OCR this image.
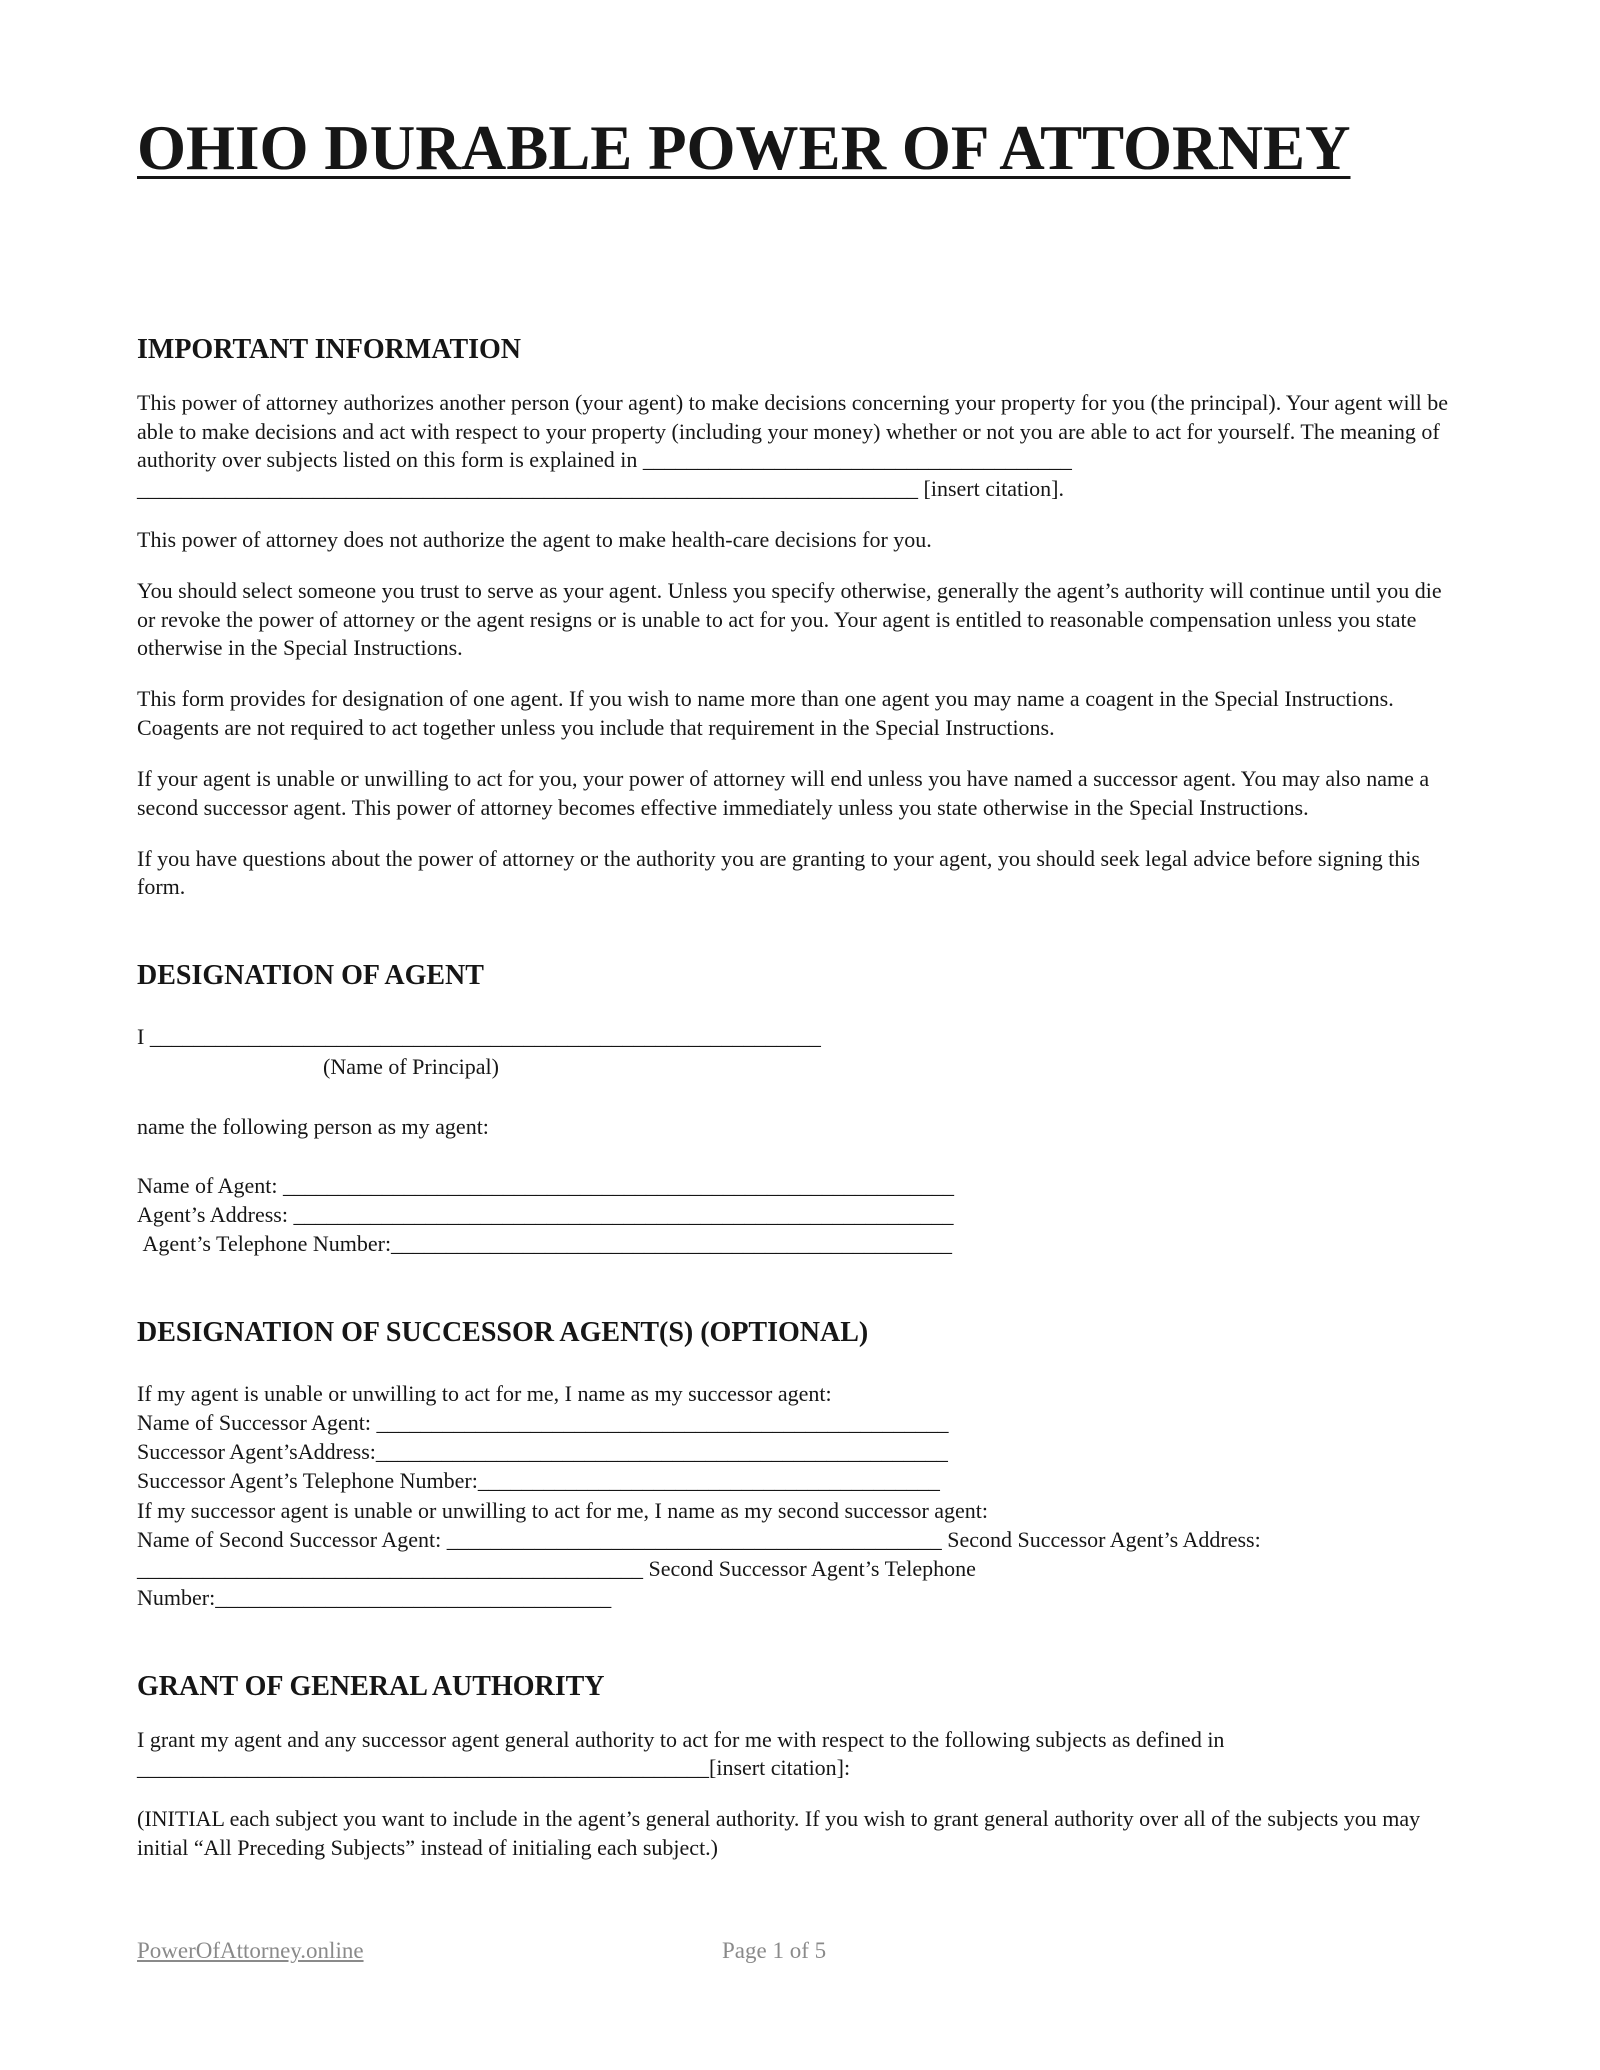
OHIO DURABLE POWER OF ATTORNEY
IMPORTANT INFORMATION

This power of attorney authorizes another person (your agent) to make decisions concerning your property for you (the principal). Your agent will be able to make decisions and act with respect to your property (including your money) whether or not you are able to act for yourself. The meaning of authority over subjects listed on this form is explained in _______________________________________
_______________________________________________________________________ [insert citation].

This power of attorney does not authorize the agent to make health-care decisions for you.

You should select someone you trust to serve as your agent. Unless you specify otherwise, generally the agent’s authority will continue until you die or revoke the power of attorney or the agent resigns or is unable to act for you. Your agent is entitled to reasonable compensation unless you state otherwise in the Special Instructions.

This form provides for designation of one agent. If you wish to name more than one agent you may name a coagent in the Special Instructions. Coagents are not required to act together unless you include that requirement in the Special Instructions.

If your agent is unable or unwilling to act for you, your power of attorney will end unless you have named a successor agent. You may also name a second successor agent. This power of attorney becomes effective immediately unless you state otherwise in the Special Instructions.

If you have questions about the power of attorney or the authority you are granting to your agent, you should seek legal advice before signing this form.

DESIGNATION OF AGENT

I _____________________________________________________________

(Name of Principal)

name the following person as my agent:

Name of Agent: _____________________________________________________________

Agent’s Address: ____________________________________________________________

Agent’s Telephone Number:___________________________________________________

DESIGNATION OF SUCCESSOR AGENT(S) (OPTIONAL)

If my agent is unable or unwilling to act for me, I name as my successor agent:

Name of Successor Agent: ____________________________________________________

Successor Agent’sAddress:____________________________________________________

Successor Agent’s Telephone Number:__________________________________________

If my successor agent is unable or unwilling to act for me, I name as my second successor agent:

Name of Second Successor Agent: _____________________________________________ Second Successor Agent’s Address:

______________________________________________ Second Successor Agent’s Telephone

Number:____________________________________

GRANT OF GENERAL AUTHORITY

I grant my agent and any successor agent general authority to act for me with respect to the following subjects as defined in
____________________________________________________[insert citation]:

(INITIAL each subject you want to include in the agent’s general authority. If you wish to grant general authority over all of the subjects you may initial “All Preceding Subjects” instead of initialing each subject.)

PowerOfAttorney.online	Page 1 of 5
